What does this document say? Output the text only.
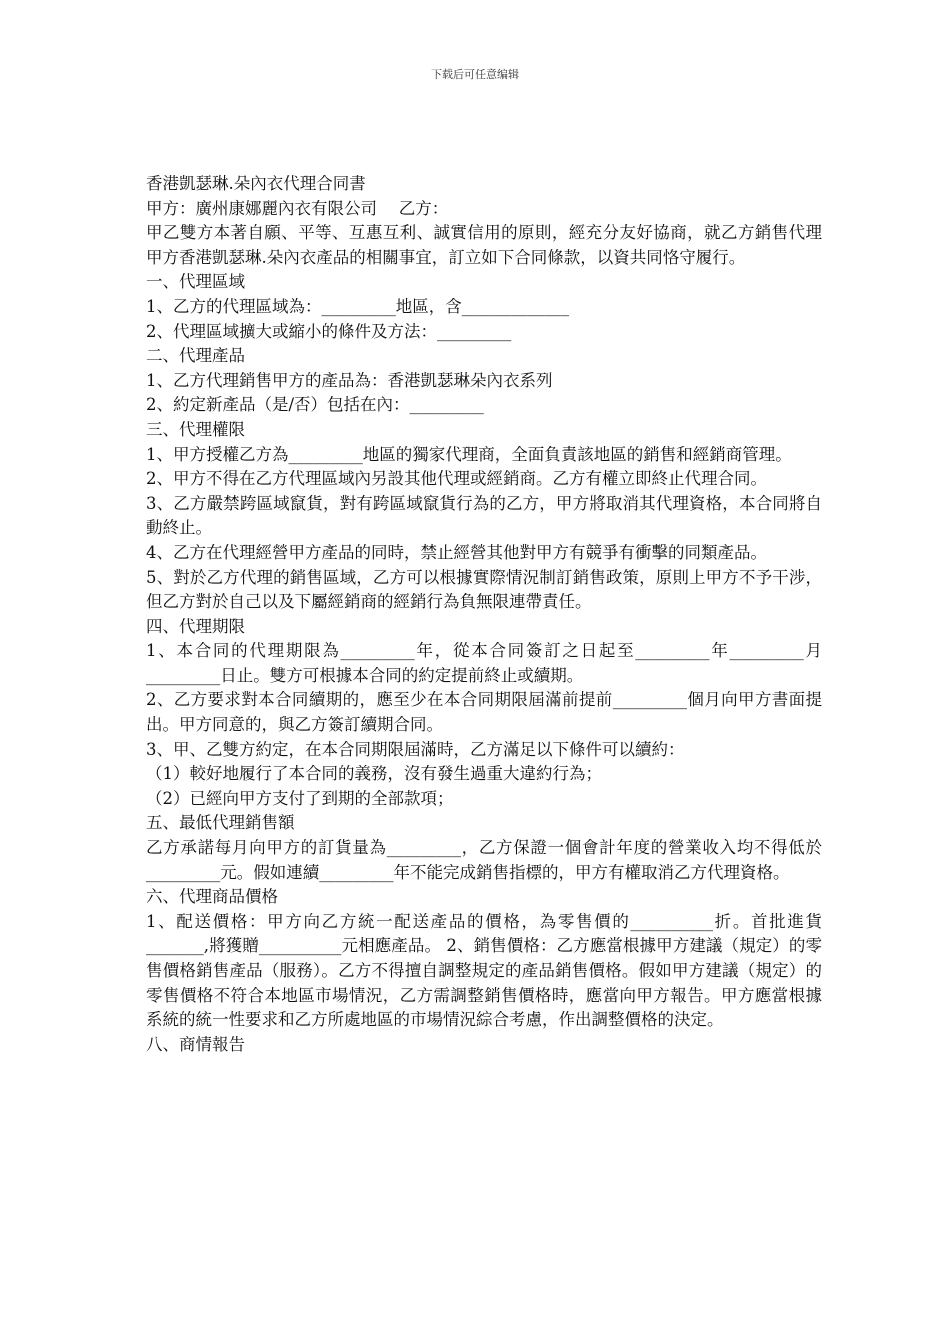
下载后可任意编辑

香港凱瑟琳.朵內衣代理合同書

甲方：廣州康娜麗內衣有限公司 　乙方：

甲乙雙方本著自願、平等、互惠互利、誠實信用的原則，經充分友好協商，就乙方銷售代理甲方香港凱瑟琳.朵內衣產品的相關事宜，訂立如下合同條款，以資共同恪守履行。

一、代理區域

1、乙方的代理區域為：_________地區，含_____________

2、代理區域擴大或縮小的條件及方法：_________

二、代理產品

1、乙方代理銷售甲方的產品為：香港凱瑟琳朵內衣系列

2、約定新產品（是/否）包括在內：_________

三、代理權限

1、甲方授權乙方為_________地區的獨家代理商，全面負責該地區的銷售和經銷商管理。

2、甲方不得在乙方代理區域內另設其他代理或經銷商。乙方有權立即終止代理合同。

3、乙方嚴禁跨區域竄貨，對有跨區域竄貨行為的乙方，甲方將取消其代理資格，本合同將自動終止。

4、乙方在代理經營甲方產品的同時，禁止經營其他對甲方有競爭有衝擊的同類產品。

5、對於乙方代理的銷售區域，乙方可以根據實際情況制訂銷售政策，原則上甲方不予干涉，但乙方對於自己以及下屬經銷商的經銷行為負無限連帶責任。

四、代理期限

1、本合同的代理期限為_________年，從本合同簽訂之日起至_________年_________月_________日止。雙方可根據本合同的約定提前終止或續期。

2、乙方要求對本合同續期的，應至少在本合同期限屆滿前提前_________個月向甲方書面提出。甲方同意的，與乙方簽訂續期合同。

3、甲、乙雙方約定，在本合同期限屆滿時，乙方滿足以下條件可以續約：

（1）較好地履行了本合同的義務，沒有發生過重大違約行為；

（2）已經向甲方支付了到期的全部款項；

五、最低代理銷售額

乙方承諾每月向甲方的訂貨量為_________，乙方保證一個會計年度的營業收入均不得低於_________元。假如連續_________年不能完成銷售指標的，甲方有權取消乙方代理資格。

六、代理商品價格

1、配送價格：甲方向乙方統一配送產品的價格，為零售價的__________折。首批進貨_______,將獲贈__________元相應產品。 2、銷售價格：乙方應當根據甲方建議（規定）的零售價格銷售產品（服務）。乙方不得擅自調整規定的產品銷售價格。假如甲方建議（規定）的零售價格不符合本地區市場情況，乙方需調整銷售價格時，應當向甲方報告。甲方應當根據系統的統一性要求和乙方所處地區的市場情況綜合考慮，作出調整價格的決定。

八、商情報告
